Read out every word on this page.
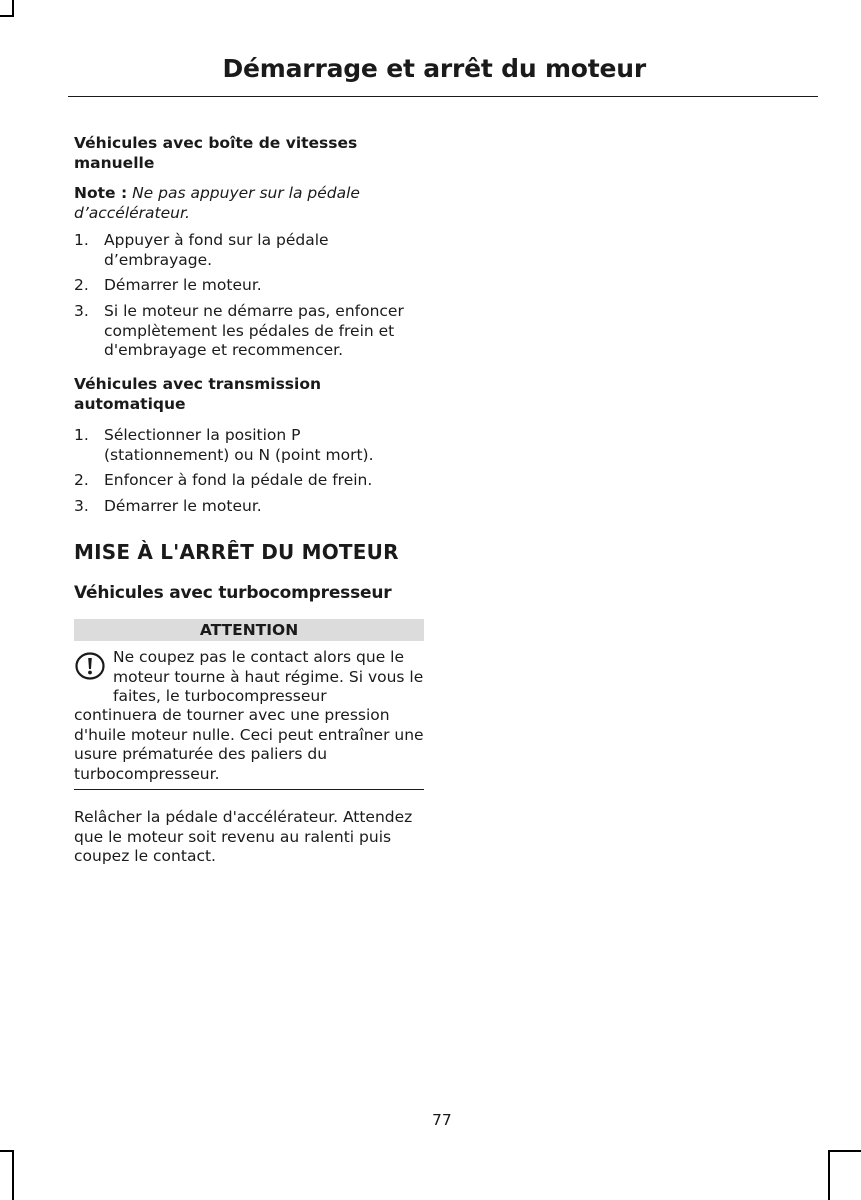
Démarrage et arrêt du moteur
Véhicules avec boîte de vitesses manuelle
Note : Ne pas appuyer sur la pédale d’accélérateur.
1. Appuyer à fond sur la pédale d’embrayage.
2. Démarrer le moteur.
3. Si le moteur ne démarre pas, enfoncer complètement les pédales de frein et d'embrayage et recommencer.
Véhicules avec transmission automatique
1. Sélectionner la position P (stationnement) ou N (point mort).
2. Enfoncer à fond la pédale de frein.
3. Démarrer le moteur.
MISE À L'ARRÊT DU MOTEUR
Véhicules avec turbocompresseur
ATTENTION
Ne coupez pas le contact alors que le moteur tourne à haut régime. Si vous le faites, le turbocompresseur
continuera de tourner avec une pression d'huile moteur nulle. Ceci peut entraîner une usure prématurée des paliers du turbocompresseur.
Relâcher la pédale d'accélérateur. Attendez que le moteur soit revenu au ralenti puis coupez le contact.
77
